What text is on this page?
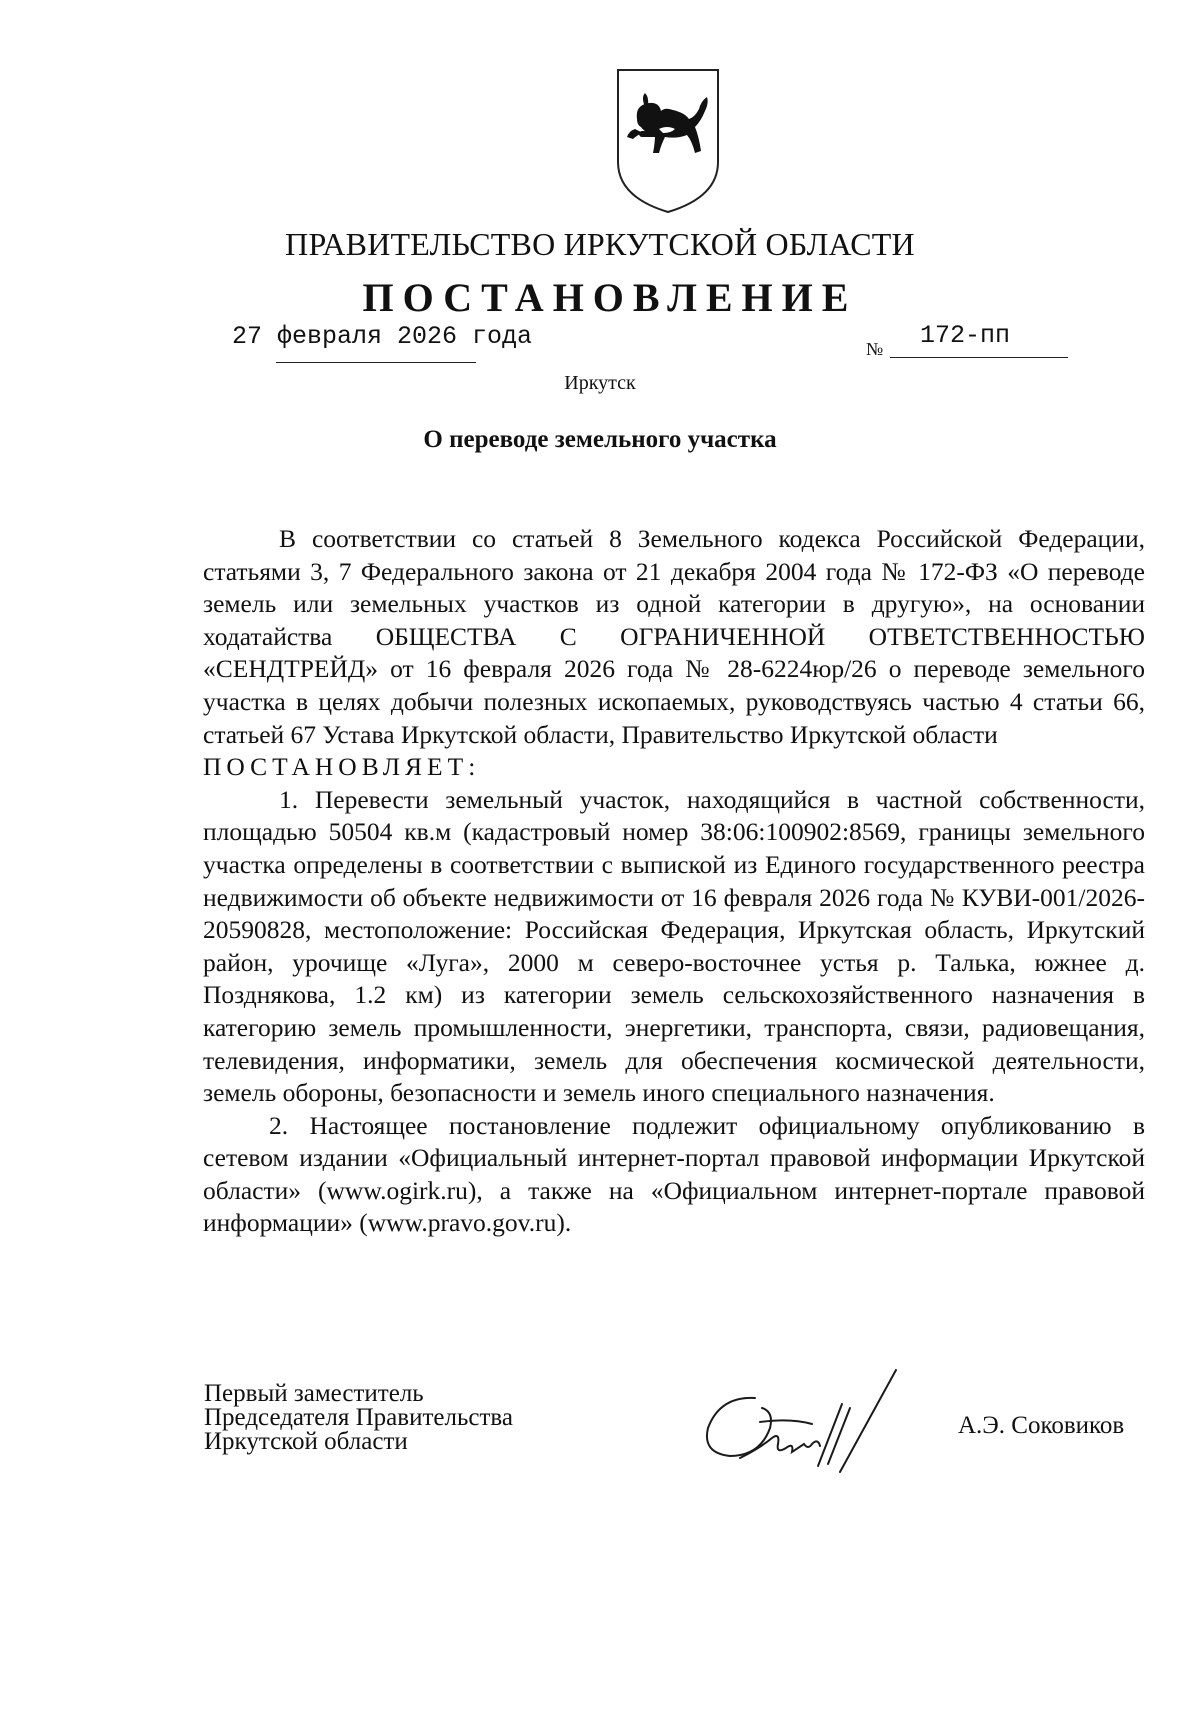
ПРАВИТЕЛЬСТВО ИРКУТСКОЙ ОБЛАСТИ
ПОСТАНОВЛЕНИЕ
27 февраля 2026 года	№ 172-пп
Иркутск
О переводе земельного участка

В соответствии со статьей 8 Земельного кодекса Российской Федерации, статьями 3, 7 Федерального закона от 21 декабря 2004 года № 172-ФЗ «О переводе земель или земельных участков из одной категории в другую», на основании ходатайства ОБЩЕСТВА С ОГРАНИЧЕННОЙ ОТВЕТСТВЕННОСТЬЮ «СЕНДТРЕЙД» от 16 февраля 2026 года № 28-6224юр/26 о переводе земельного участка в целях добычи полезных ископаемых, руководствуясь частью 4 статьи 66, статьей 67 Устава Иркутской области, Правительство Иркутской области

ПОСТАНОВЛЯЕТ:

1. Перевести земельный участок, находящийся в частной собственности, площадью 50504 кв.м (кадастровый номер 38:06:100902:8569, границы земельного участка определены в соответствии с выпиской из Единого государственного реестра недвижимости об объекте недвижимости от 16 февраля 2026 года № КУВИ-001/2026-20590828, местоположение: Российская Федерация, Иркутская область, Иркутский район, урочище «Луга», 2000 м северо-восточнее устья р. Талька, южнее д. Позднякова, 1.2 км) из категории земель сельскохозяйственного назначения в категорию земель промышленности, энергетики, транспорта, связи, радиовещания, телевидения, информатики, земель для обеспечения космической деятельности, земель обороны, безопасности и земель иного специального назначения.

2. Настоящее постановление подлежит официальному опубликованию в сетевом издании «Официальный интернет-портал правовой информации Иркутской области» (www.ogirk.ru), а также на «Официальном интернет-портале правовой информации» (www.pravo.gov.ru).

Первый заместитель
Председателя Правительства
Иркутской области
А.Э. Соковиков
